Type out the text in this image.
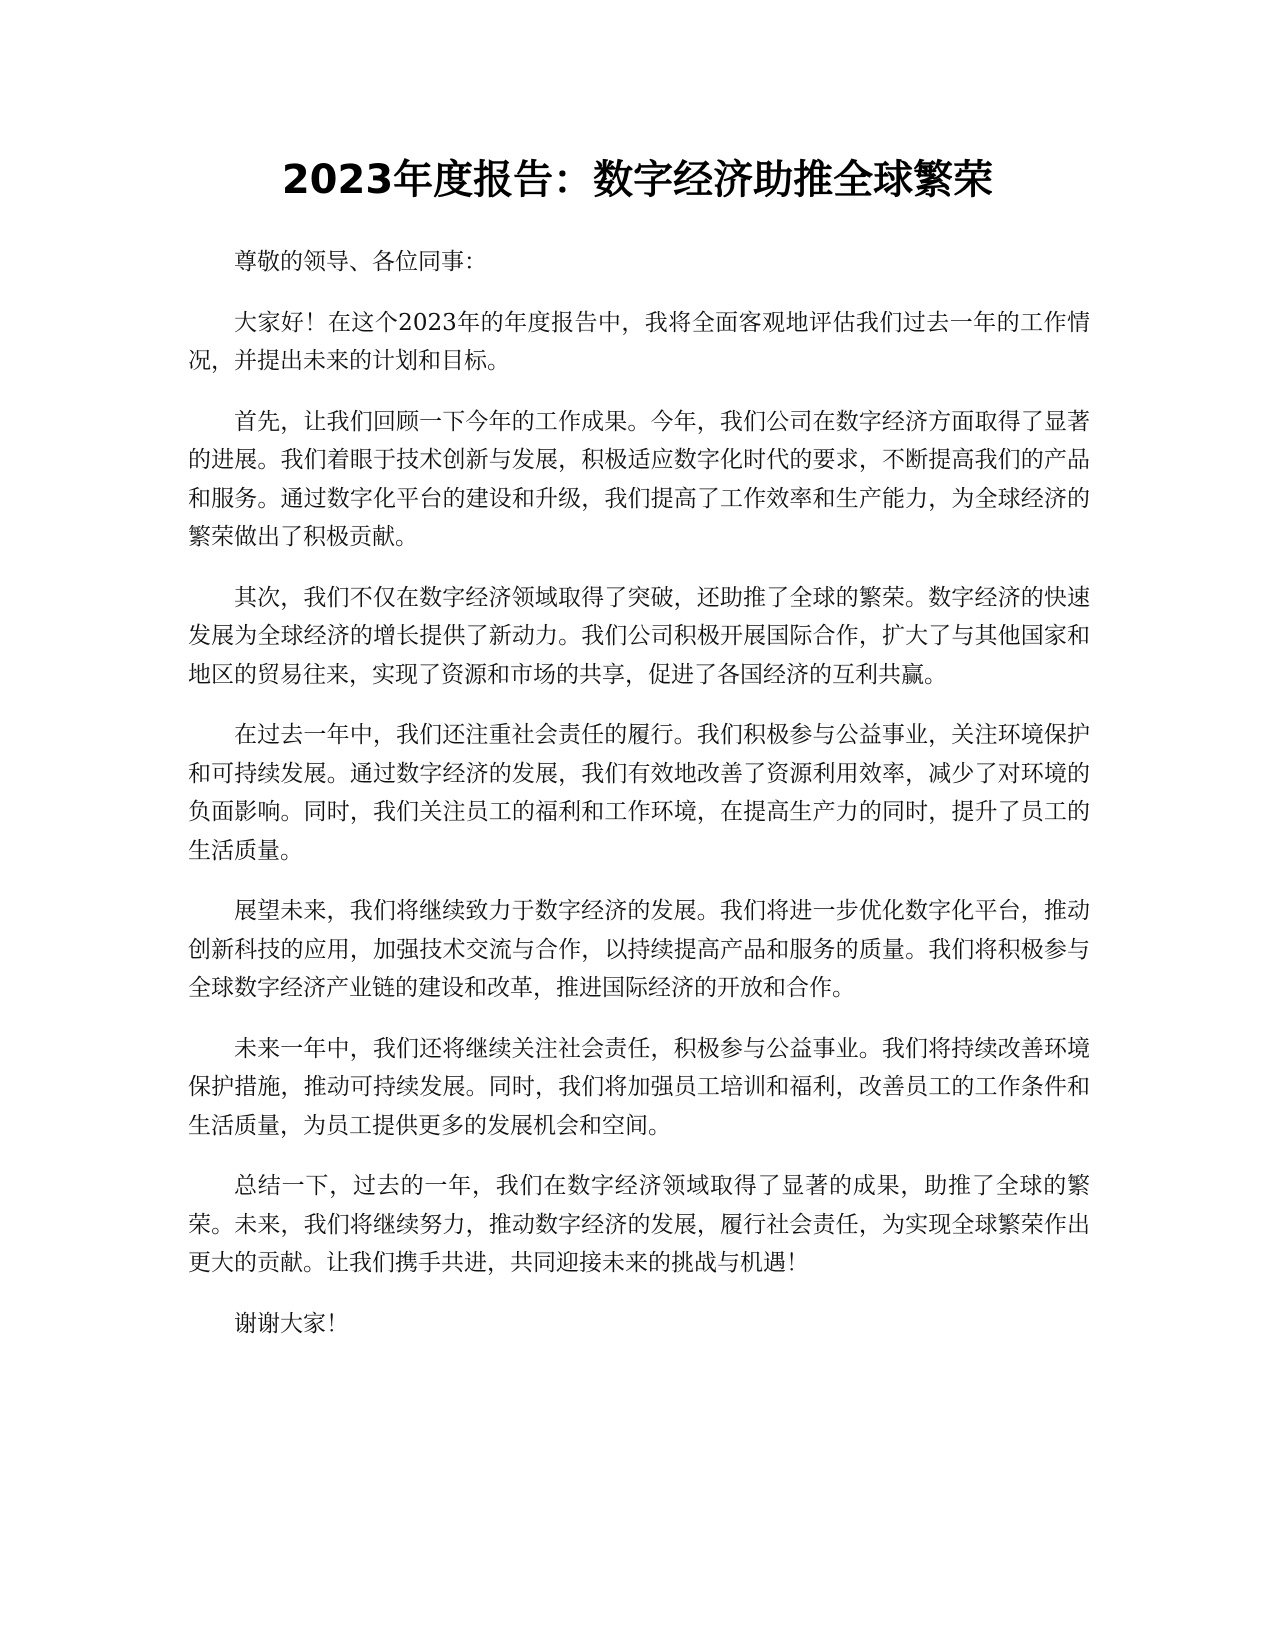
2023年度报告：数字经济助推全球繁荣

尊敬的领导、各位同事：

大家好！在这个2023年的年度报告中，我将全面客观地评估我们过去一年的工作情况，并提出未来的计划和目标。

首先，让我们回顾一下今年的工作成果。今年，我们公司在数字经济方面取得了显著的进展。我们着眼于技术创新与发展，积极适应数字化时代的要求，不断提高我们的产品和服务。通过数字化平台的建设和升级，我们提高了工作效率和生产能力，为全球经济的繁荣做出了积极贡献。

其次，我们不仅在数字经济领域取得了突破，还助推了全球的繁荣。数字经济的快速发展为全球经济的增长提供了新动力。我们公司积极开展国际合作，扩大了与其他国家和地区的贸易往来，实现了资源和市场的共享，促进了各国经济的互利共赢。

在过去一年中，我们还注重社会责任的履行。我们积极参与公益事业，关注环境保护和可持续发展。通过数字经济的发展，我们有效地改善了资源利用效率，减少了对环境的负面影响。同时，我们关注员工的福利和工作环境，在提高生产力的同时，提升了员工的生活质量。

展望未来，我们将继续致力于数字经济的发展。我们将进一步优化数字化平台，推动创新科技的应用，加强技术交流与合作，以持续提高产品和服务的质量。我们将积极参与全球数字经济产业链的建设和改革，推进国际经济的开放和合作。

未来一年中，我们还将继续关注社会责任，积极参与公益事业。我们将持续改善环境保护措施，推动可持续发展。同时，我们将加强员工培训和福利，改善员工的工作条件和生活质量，为员工提供更多的发展机会和空间。

总结一下，过去的一年，我们在数字经济领域取得了显著的成果，助推了全球的繁荣。未来，我们将继续努力，推动数字经济的发展，履行社会责任，为实现全球繁荣作出更大的贡献。让我们携手共进，共同迎接未来的挑战与机遇！

谢谢大家！
